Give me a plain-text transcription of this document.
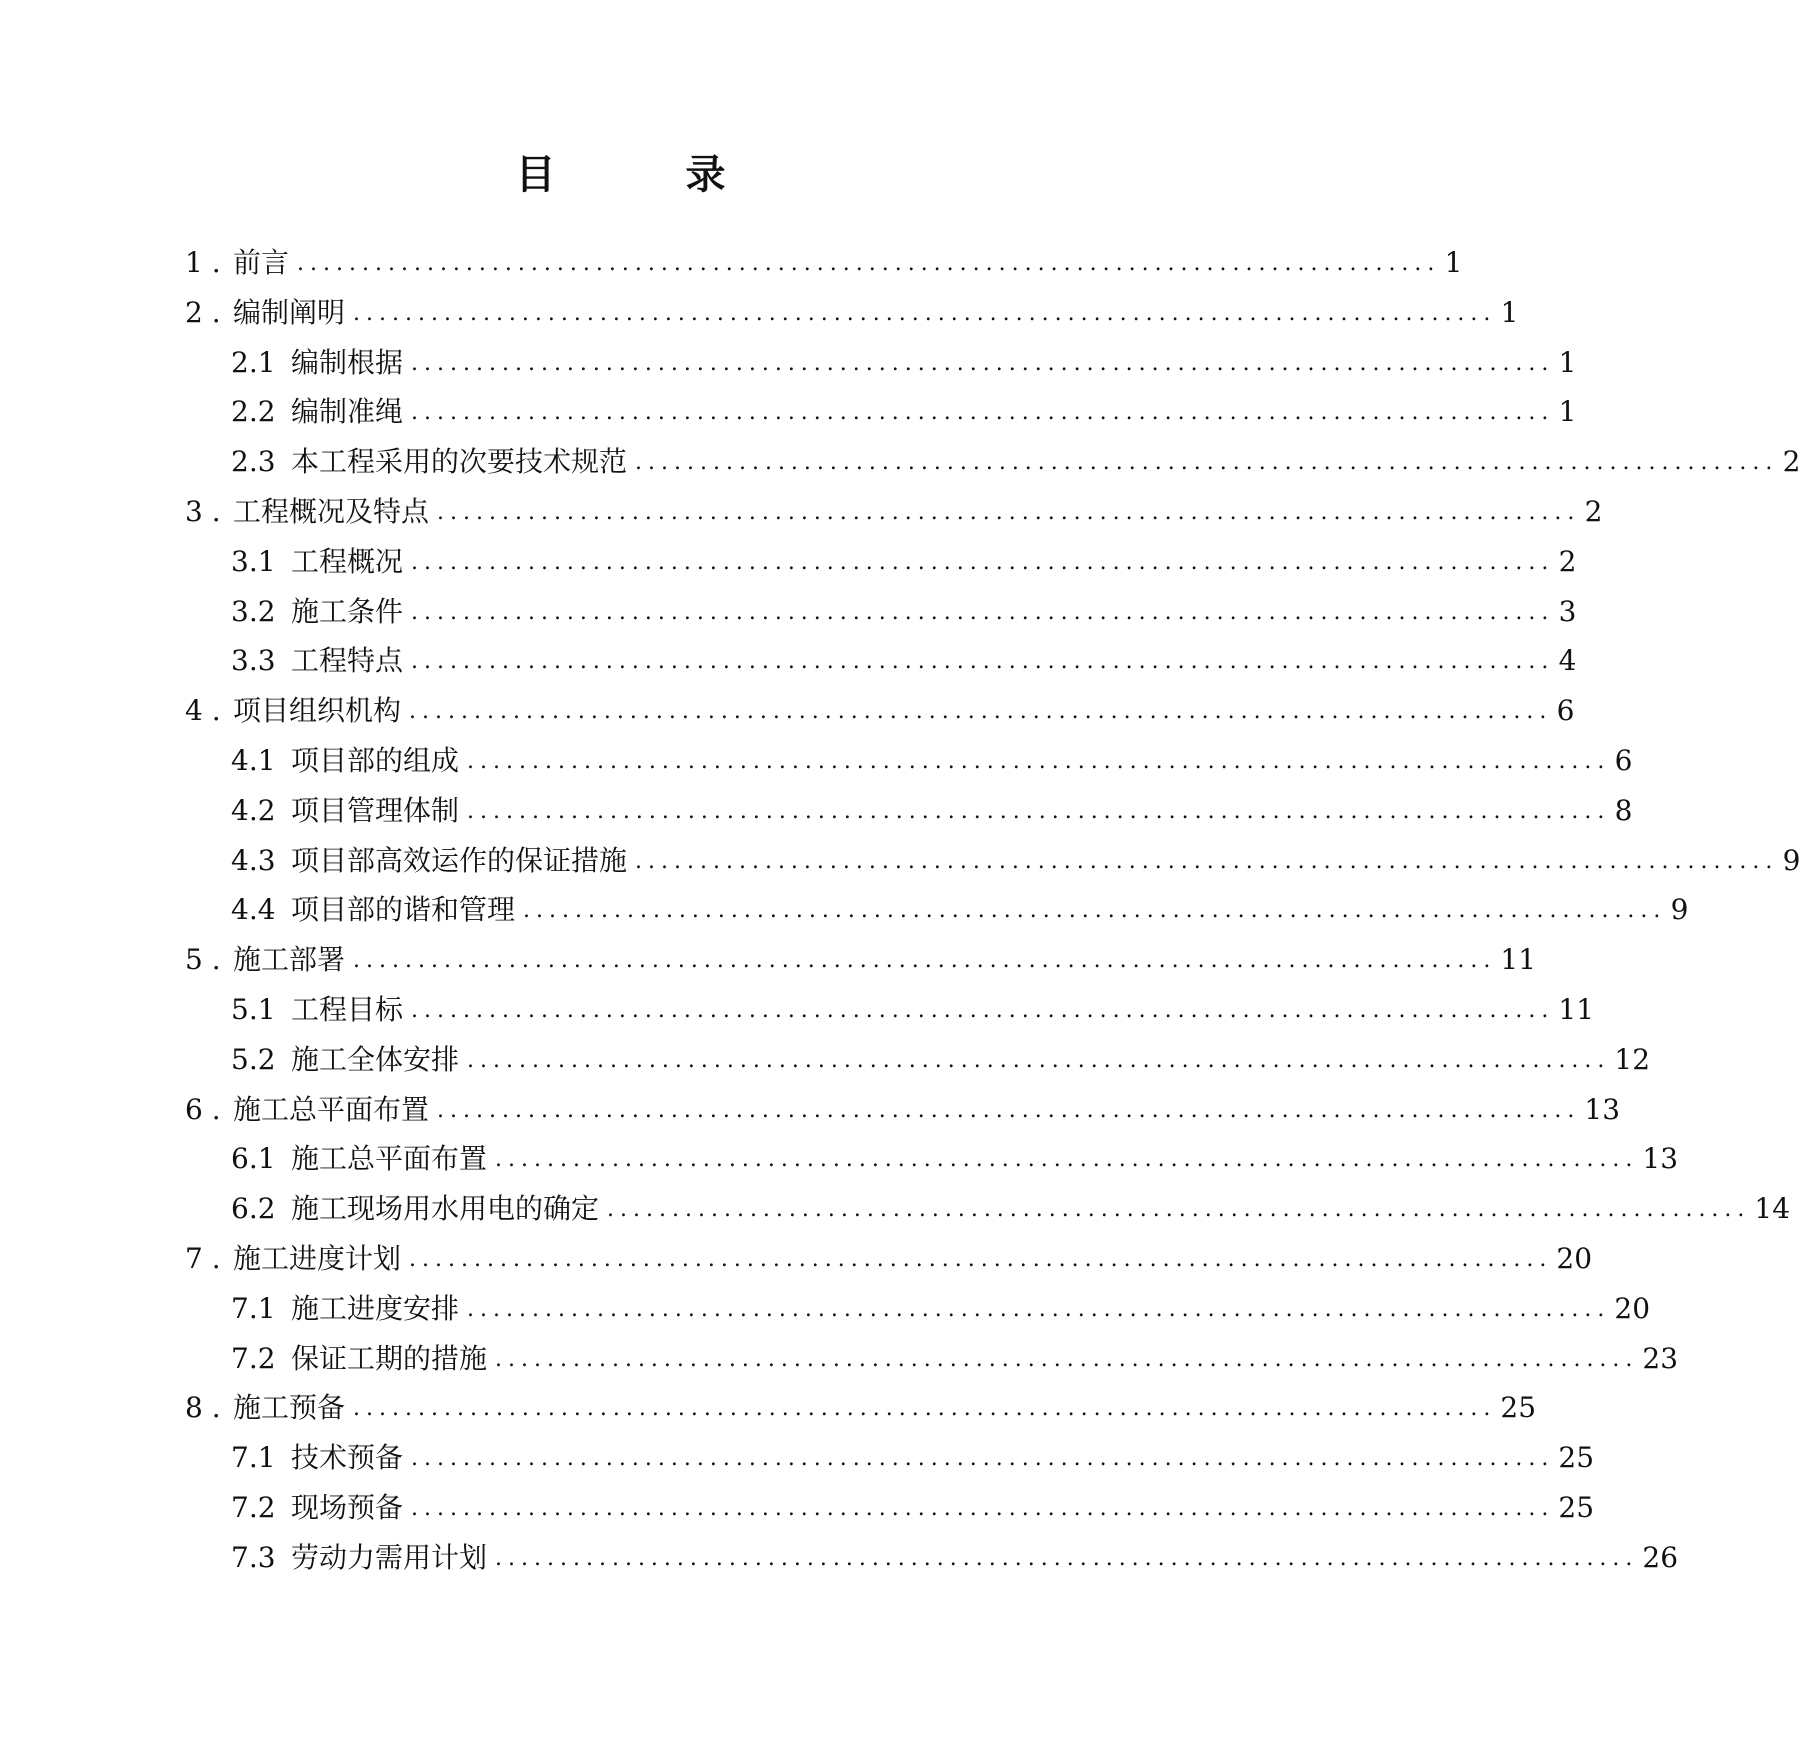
目 录
1 . 前言 ........................................................................................ 1
2 . 编制阐明 ........................................................................................ 1
2.1 编制根据 ........................................................................................ 1
2.2 编制准绳 ........................................................................................ 1
2.3 本工程采用的次要技术规范 ........................................................................................ 2
3 . 工程概况及特点 ........................................................................................ 2
3.1 工程概况 ........................................................................................ 2
3.2 施工条件 ........................................................................................ 3
3.3 工程特点 ........................................................................................ 4
4 . 项目组织机构 ........................................................................................ 6
4.1 项目部的组成 ........................................................................................ 6
4.2 项目管理体制 ........................................................................................ 8
4.3 项目部高效运作的保证措施 ........................................................................................ 9
4.4 项目部的谐和管理 ........................................................................................ 9
5 . 施工部署 ........................................................................................ 11
5.1 工程目标 ........................................................................................ 11
5.2 施工全体安排 ........................................................................................ 12
6 . 施工总平面布置 ........................................................................................ 13
6.1 施工总平面布置 ........................................................................................ 13
6.2 施工现场用水用电的确定 ........................................................................................ 14
7 . 施工进度计划 ........................................................................................ 20
7.1 施工进度安排 ........................................................................................ 20
7.2 保证工期的措施 ........................................................................................ 23
8 . 施工预备 ........................................................................................ 25
7.1 技术预备 ........................................................................................ 25
7.2 现场预备 ........................................................................................ 25
7.3 劳动力需用计划 ........................................................................................ 26
